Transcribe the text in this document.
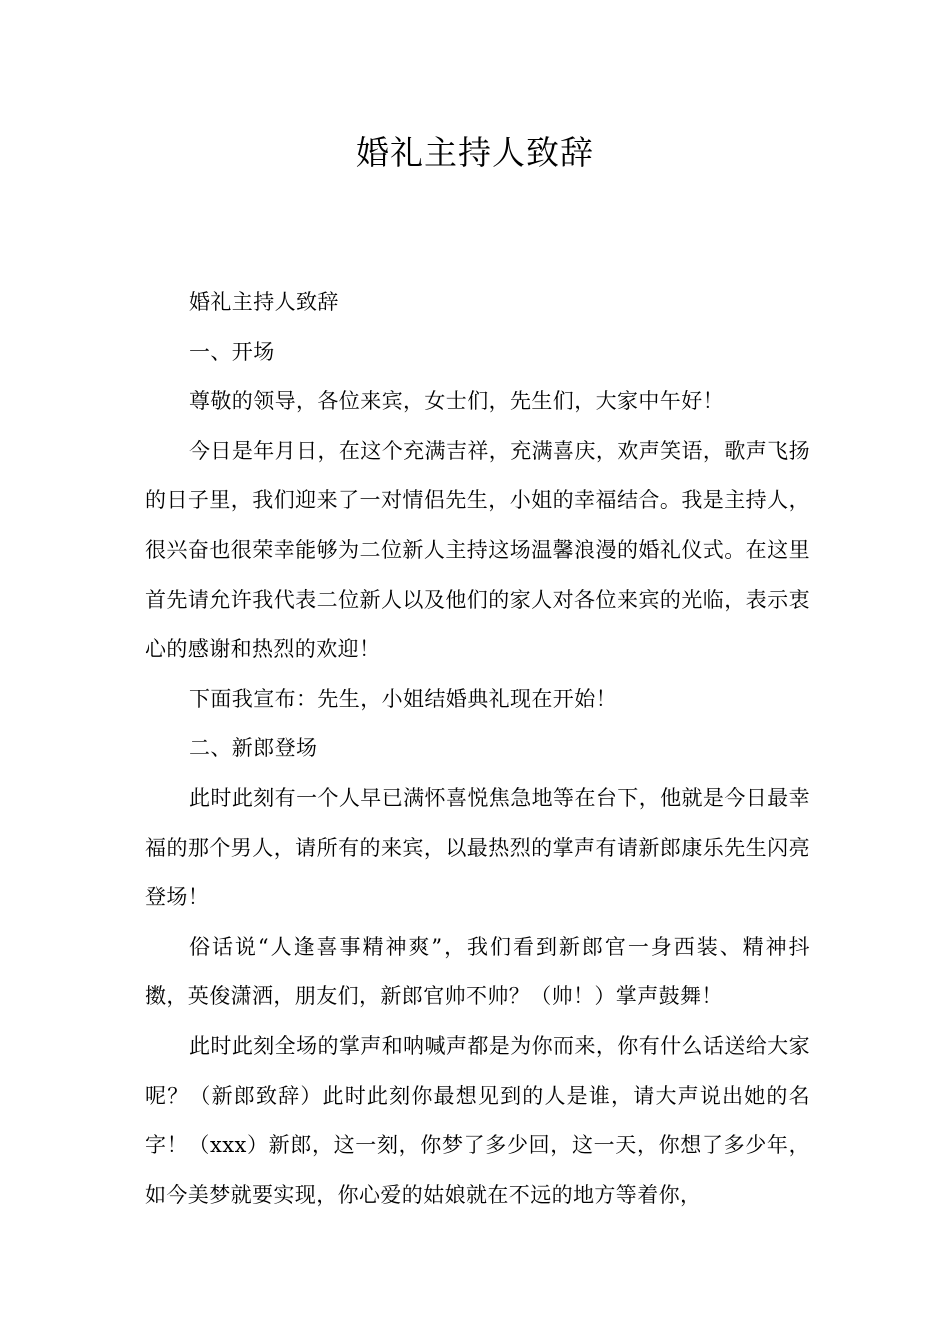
婚礼主持人致辞

婚礼主持人致辞

一、开场

尊敬的领导，各位来宾，女士们，先生们，大家中午好！

今日是年月日，在这个充满吉祥，充满喜庆，欢声笑语，歌声飞扬的日子里，我们迎来了一对情侣先生，小姐的幸福结合。我是主持人，很兴奋也很荣幸能够为二位新人主持这场温馨浪漫的婚礼仪式。在这里首先请允许我代表二位新人以及他们的家人对各位来宾的光临，表示衷心的感谢和热烈的欢迎！

下面我宣布：先生，小姐结婚典礼现在开始！

二、新郎登场

此时此刻有一个人早已满怀喜悦焦急地等在台下，他就是今日最幸福的那个男人，请所有的来宾，以最热烈的掌声有请新郎康乐先生闪亮登场！

俗话说“人逢喜事精神爽”，我们看到新郎官一身西装、精神抖擞，英俊潇洒，朋友们，新郎官帅不帅？（帅！）掌声鼓舞！

此时此刻全场的掌声和呐喊声都是为你而来，你有什么话送给大家呢？（新郎致辞）此时此刻你最想见到的人是谁，请大声说出她的名字！（xxx）新郎，这一刻，你梦了多少回，这一天，你想了多少年，如今美梦就要实现，你心爱的姑娘就在不远的地方等着你，
